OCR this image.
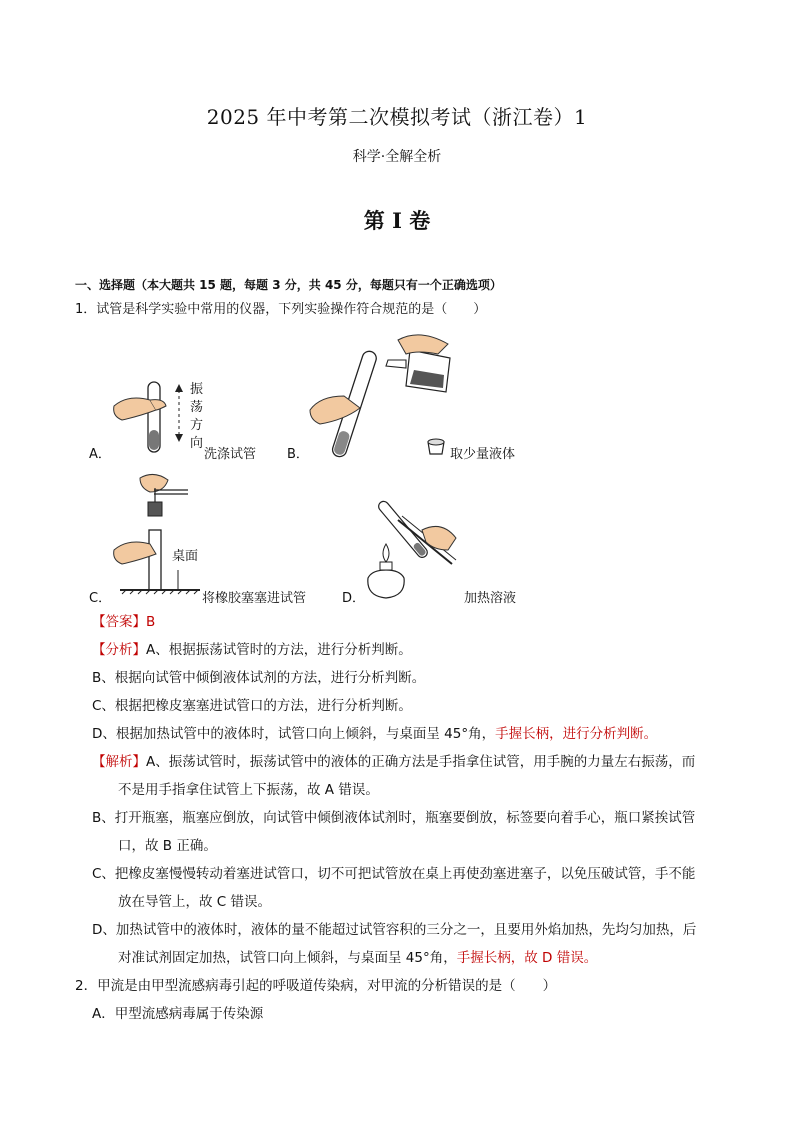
2025 年中考第二次模拟考试（浙江卷）1
科学·全解全析
第 I 卷
一、选择题（本大题共 15 题，每题 3 分，共 45 分，每题只有一个正确选项）
1．试管是科学实验中常用的仪器，下列实验操作符合规范的是（　　）
振
荡
方
向
A．	洗涤试管 B．	取少量液体
桌面
C．	将橡胶塞塞进试管	D．	加热溶液
【答案】B
【分析】A、根据振荡试管时的方法，进行分析判断。
B、根据向试管中倾倒液体试剂的方法，进行分析判断。
C、根据把橡皮塞塞进试管口的方法，进行分析判断。
D、根据加热试管中的液体时，试管口向上倾斜，与桌面呈 45°角，手握长柄，进行分析判断。
【解析】A、振荡试管时，振荡试管中的液体的正确方法是手指拿住试管，用手腕的力量左右振荡，而
不是用手指拿住试管上下振荡，故 A 错误。
B、打开瓶塞，瓶塞应倒放，向试管中倾倒液体试剂时，瓶塞要倒放，标签要向着手心，瓶口紧挨试管
口，故 B 正确。
C、把橡皮塞慢慢转动着塞进试管口，切不可把试管放在桌上再使劲塞进塞子，以免压破试管，手不能
放在导管上，故 C 错误。
D、加热试管中的液体时，液体的量不能超过试管容积的三分之一，且要用外焰加热，先均匀加热，后
对准试剂固定加热，试管口向上倾斜，与桌面呈 45°角，手握长柄，故 D 错误。
2．甲流是由甲型流感病毒引起的呼吸道传染病，对甲流的分析错误的是（　　）
A．甲型流感病毒属于传染源
